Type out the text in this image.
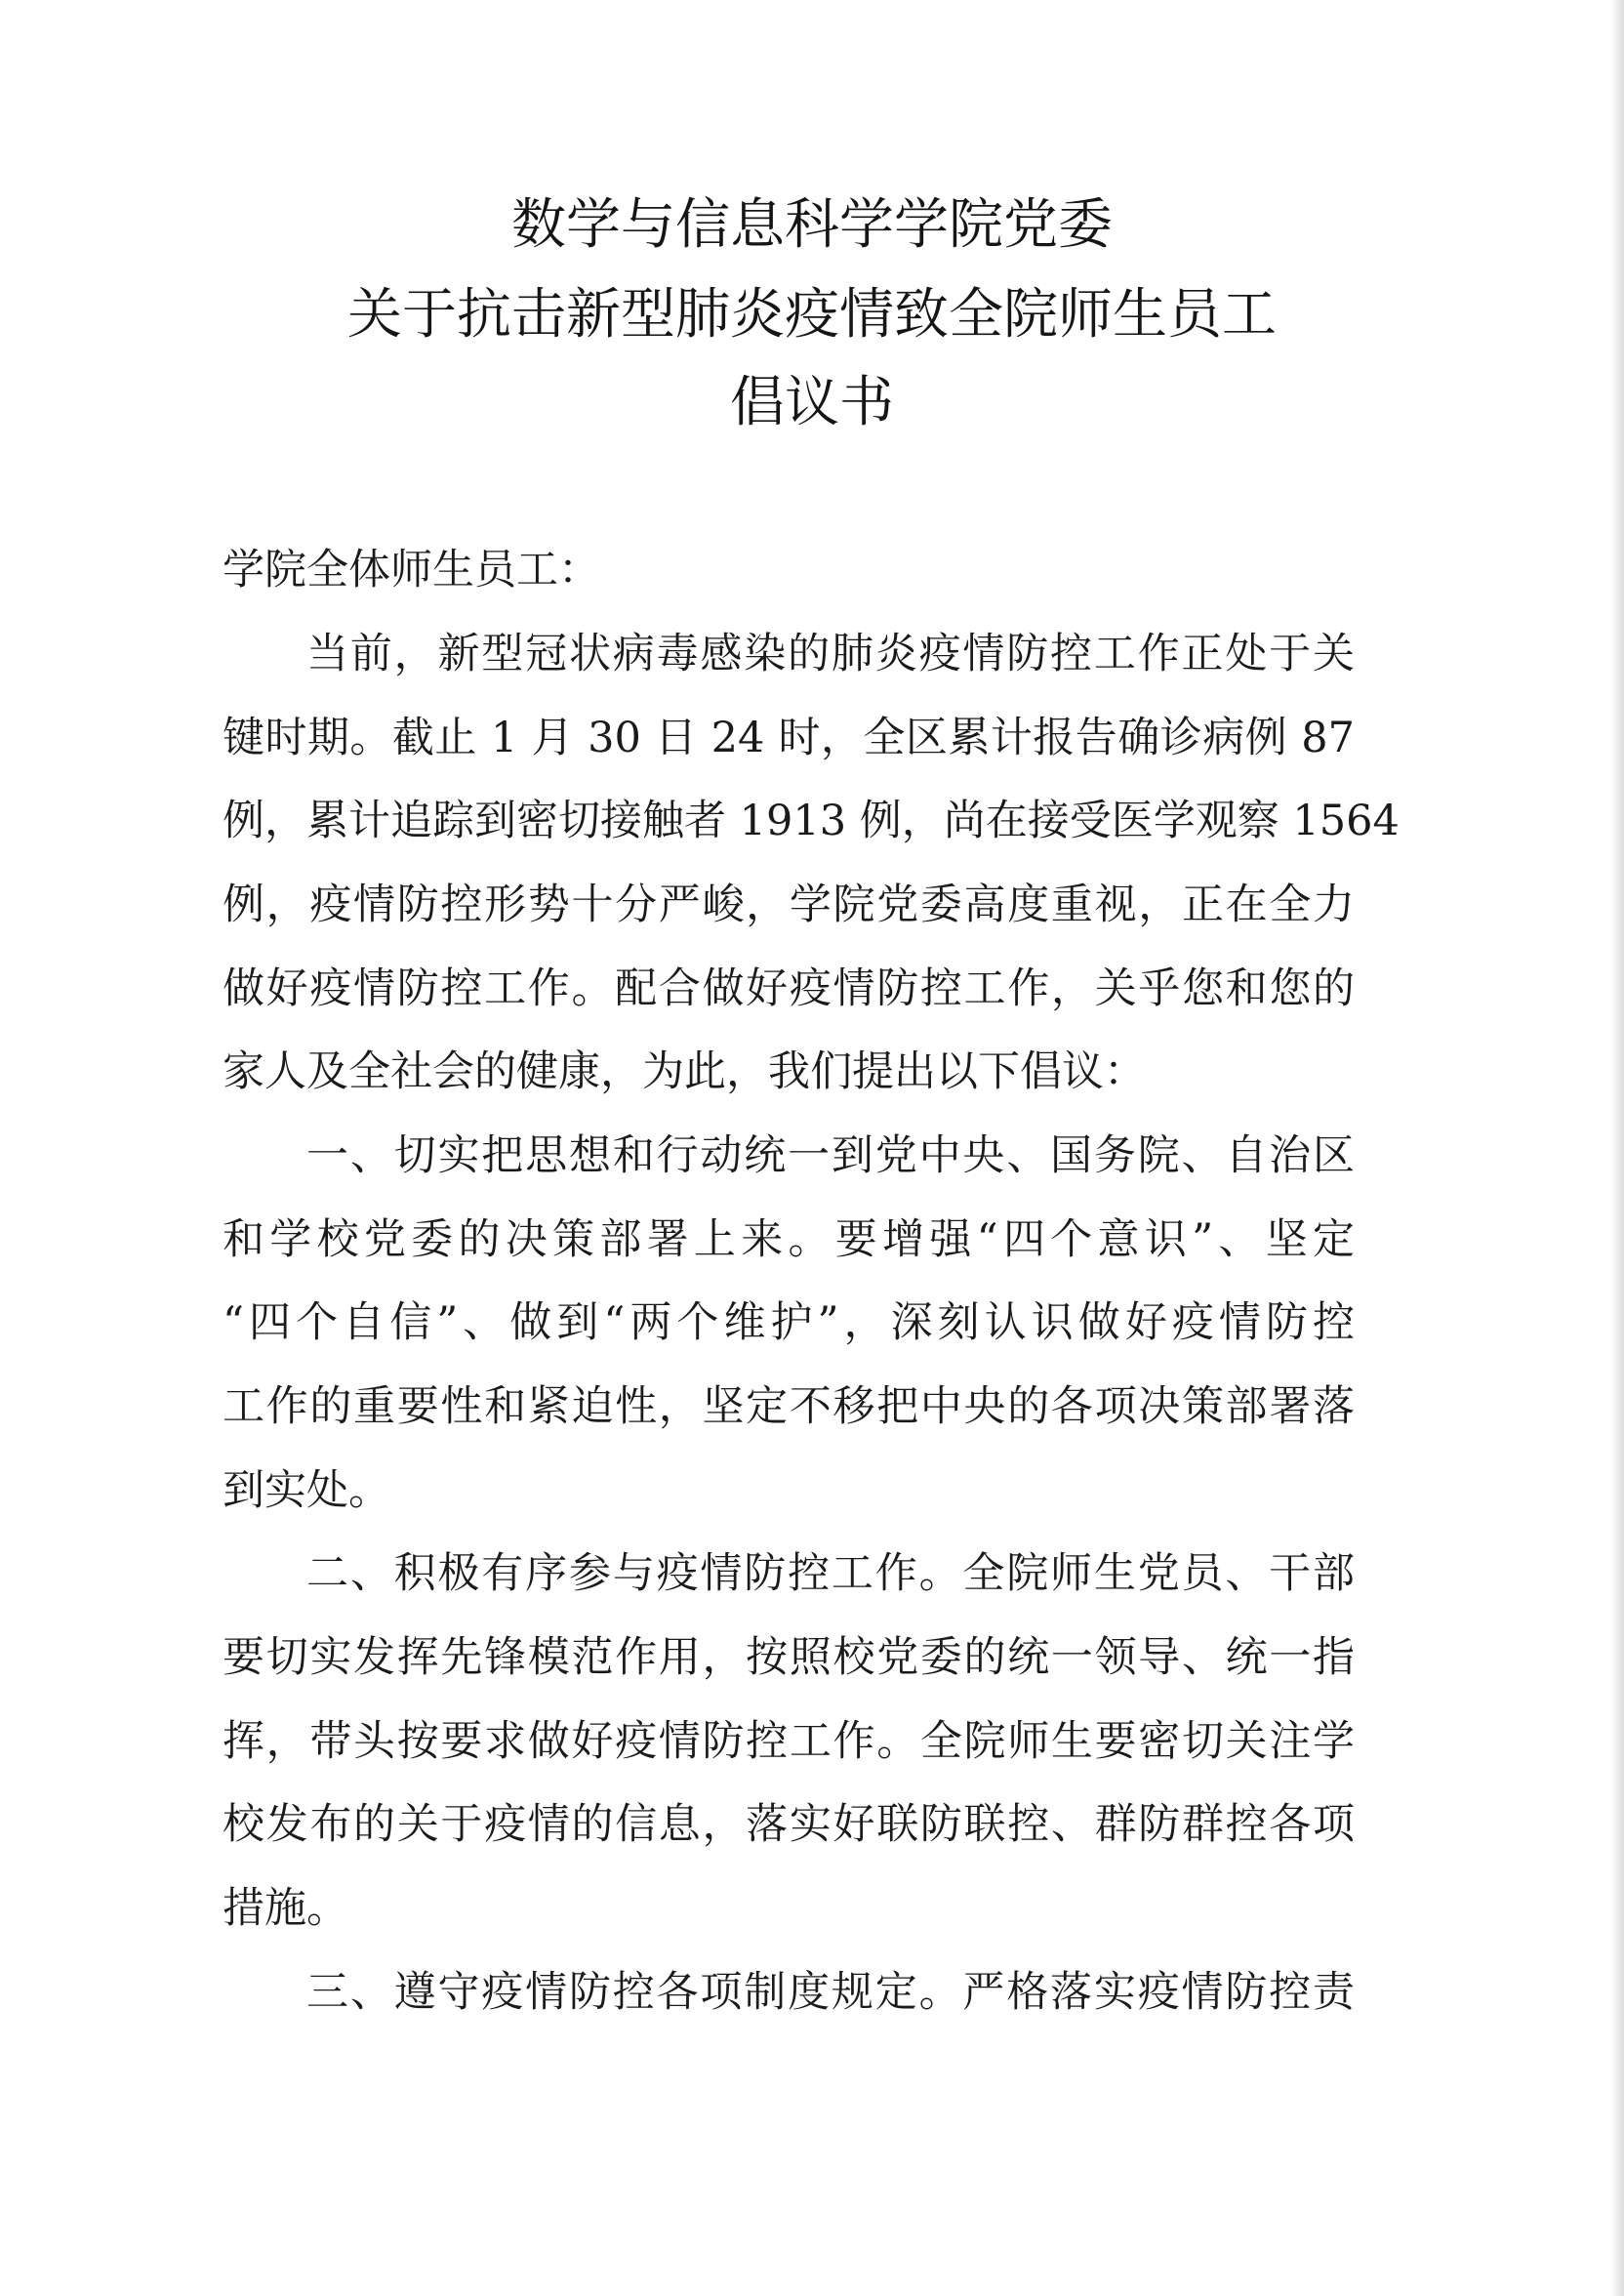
数学与信息科学学院党委
关于抗击新型肺炎疫情致全院师生员工
倡议书
学院全体师生员工：
当前，新型冠状病毒感染的肺炎疫情防控工作正处于关
键时期。截止 1 月 30 日 24 时，全区累计报告确诊病例 87
例，累计追踪到密切接触者 1913 例，尚在接受医学观察 1564
例，疫情防控形势十分严峻，学院党委高度重视，正在全力
做好疫情防控工作。配合做好疫情防控工作，关乎您和您的
家人及全社会的健康，为此，我们提出以下倡议：
一、切实把思想和行动统一到党中央、国务院、自治区
和学校党委的决策部署上来。要增强“四个意识”、坚定
“四个自信”、做到“两个维护”，深刻认识做好疫情防控
工作的重要性和紧迫性，坚定不移把中央的各项决策部署落
到实处。
二、积极有序参与疫情防控工作。全院师生党员、干部
要切实发挥先锋模范作用，按照校党委的统一领导、统一指
挥，带头按要求做好疫情防控工作。全院师生要密切关注学
校发布的关于疫情的信息，落实好联防联控、群防群控各项
措施。
三、遵守疫情防控各项制度规定。严格落实疫情防控责
